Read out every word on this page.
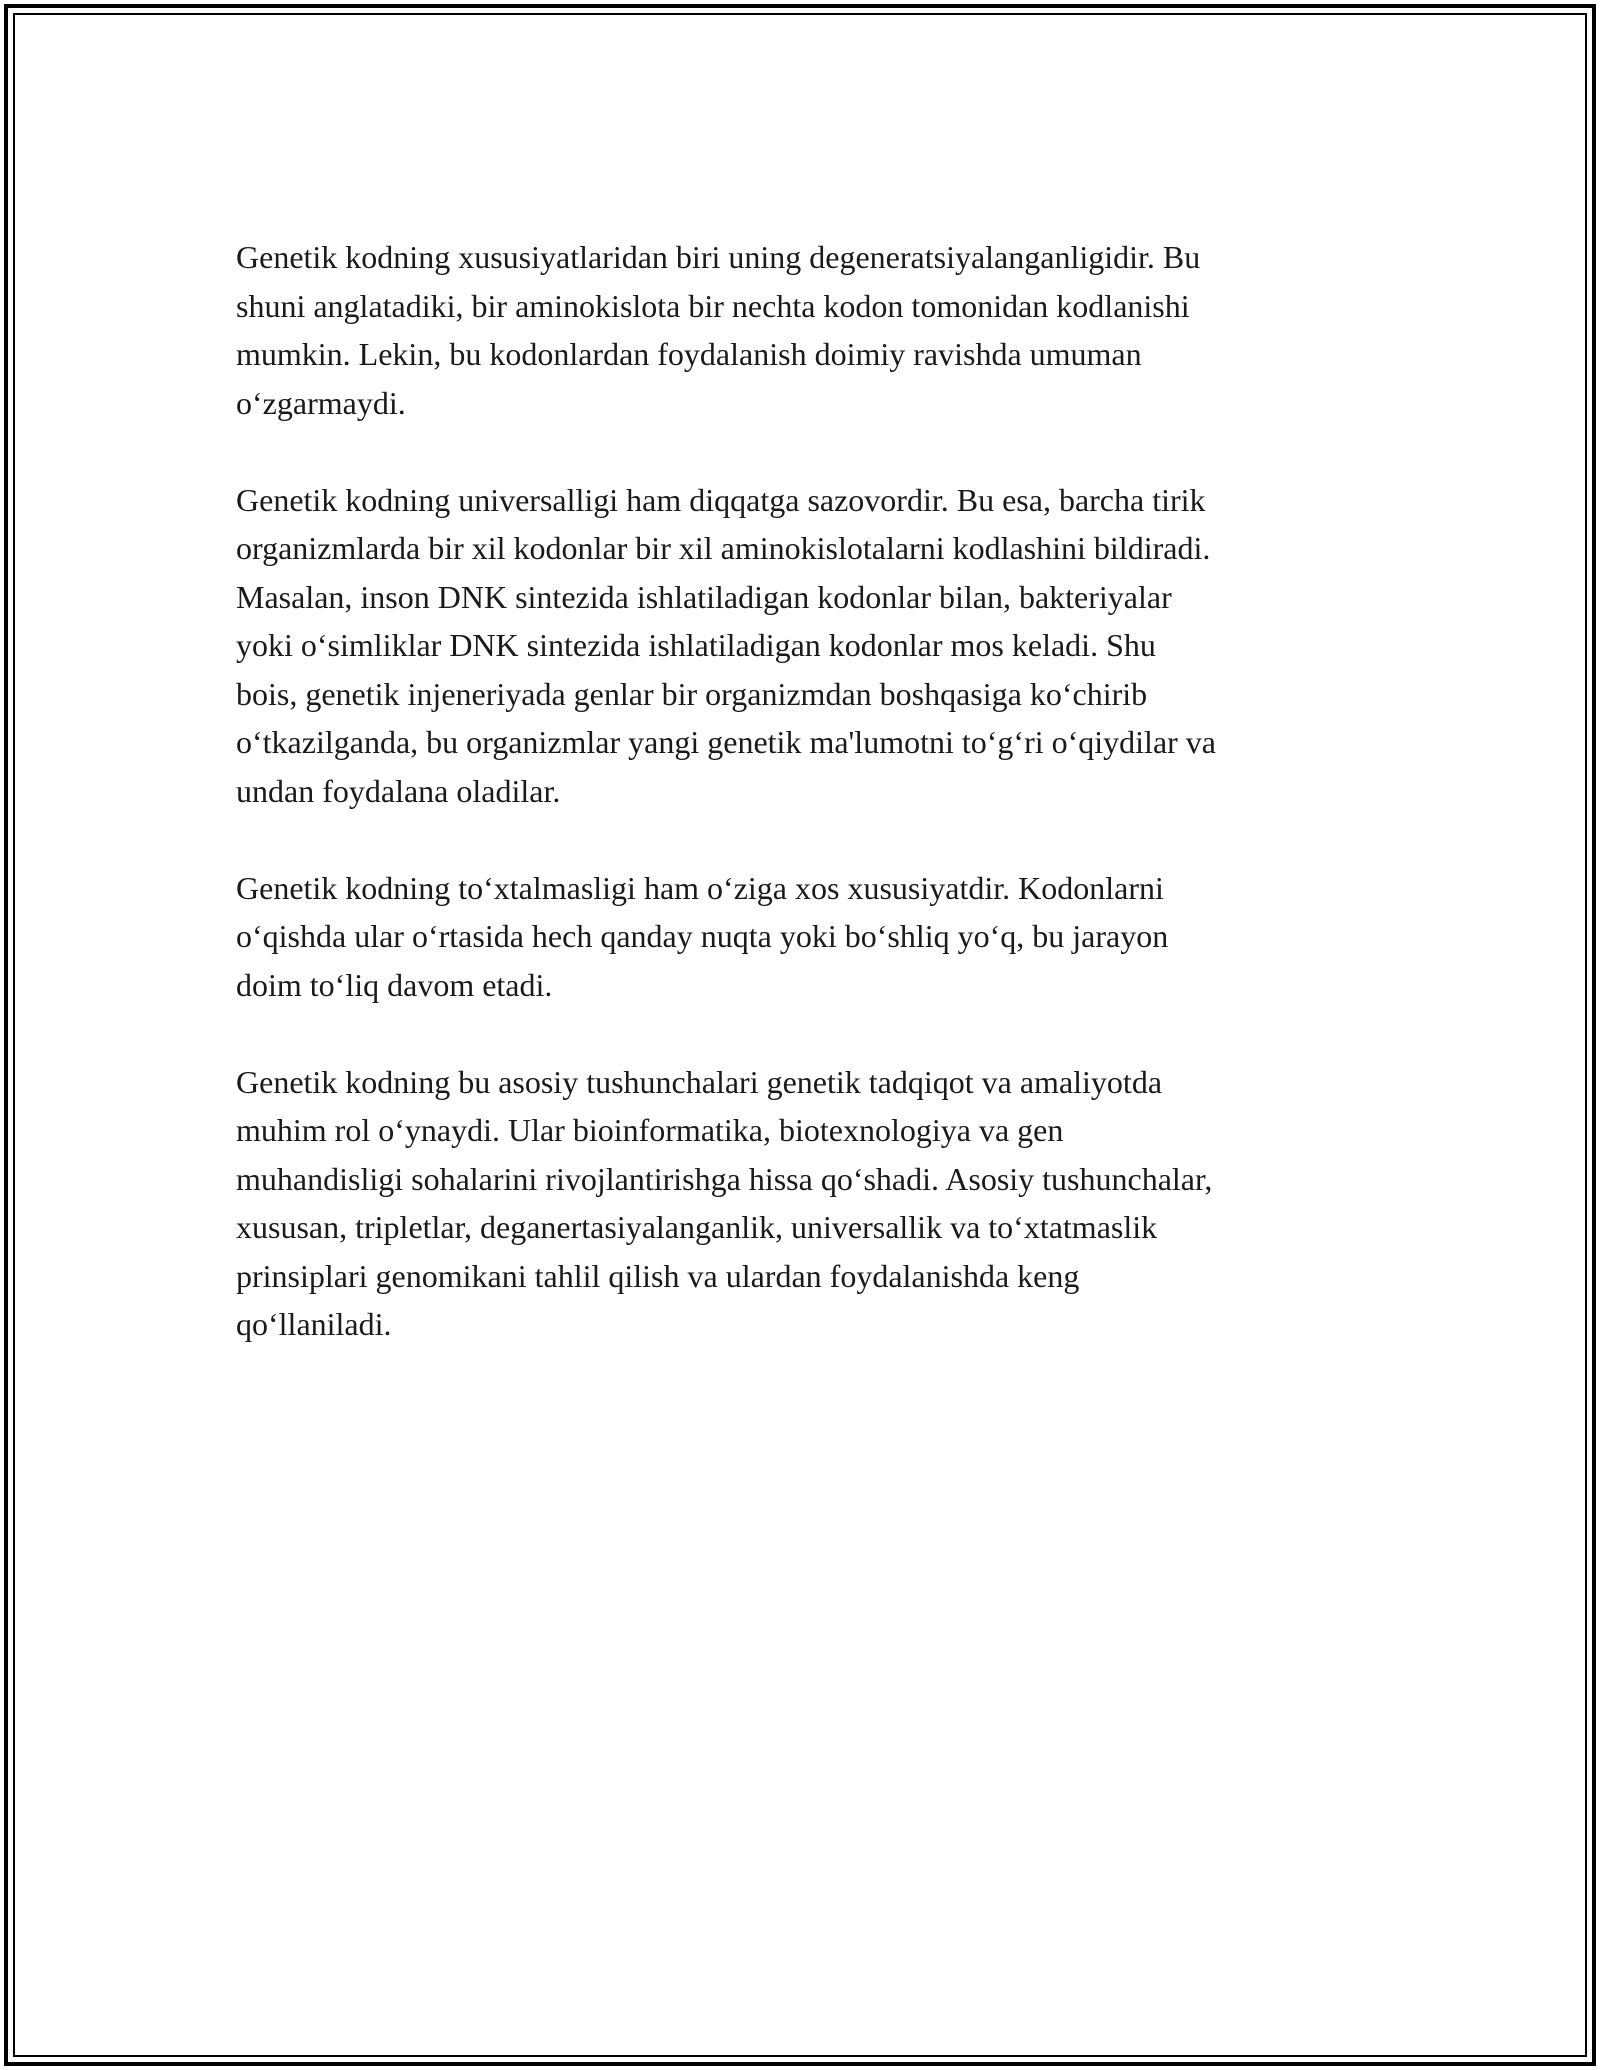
Genetik kodning xususiyatlaridan biri uning degeneratsiyalanganligidir. Bu
shuni anglatadiki, bir aminokislota bir nechta kodon tomonidan kodlanishi
mumkin. Lekin, bu kodonlardan foydalanish doimiy ravishda umuman
o‘zgarmaydi.

Genetik kodning universalligi ham diqqatga sazovordir. Bu esa, barcha tirik
organizmlarda bir xil kodonlar bir xil aminokislotalarni kodlashini bildiradi.
Masalan, inson DNK sintezida ishlatiladigan kodonlar bilan, bakteriyalar
yoki o‘simliklar DNK sintezida ishlatiladigan kodonlar mos keladi. Shu
bois, genetik injeneriyada genlar bir organizmdan boshqasiga ko‘chirib
o‘tkazilganda, bu organizmlar yangi genetik ma'lumotni to‘g‘ri o‘qiydilar va
undan foydalana oladilar.

Genetik kodning to‘xtalmasligi ham o‘ziga xos xususiyatdir. Kodonlarni
o‘qishda ular o‘rtasida hech qanday nuqta yoki bo‘shliq yo‘q, bu jarayon
doim to‘liq davom etadi.

Genetik kodning bu asosiy tushunchalari genetik tadqiqot va amaliyotda
muhim rol o‘ynaydi. Ular bioinformatika, biotexnologiya va gen
muhandisligi sohalarini rivojlantirishga hissa qo‘shadi. Asosiy tushunchalar,
xususan, tripletlar, deganertasiyalanganlik, universallik va to‘xtatmaslik
prinsiplari genomikani tahlil qilish va ulardan foydalanishda keng
qo‘llaniladi.
